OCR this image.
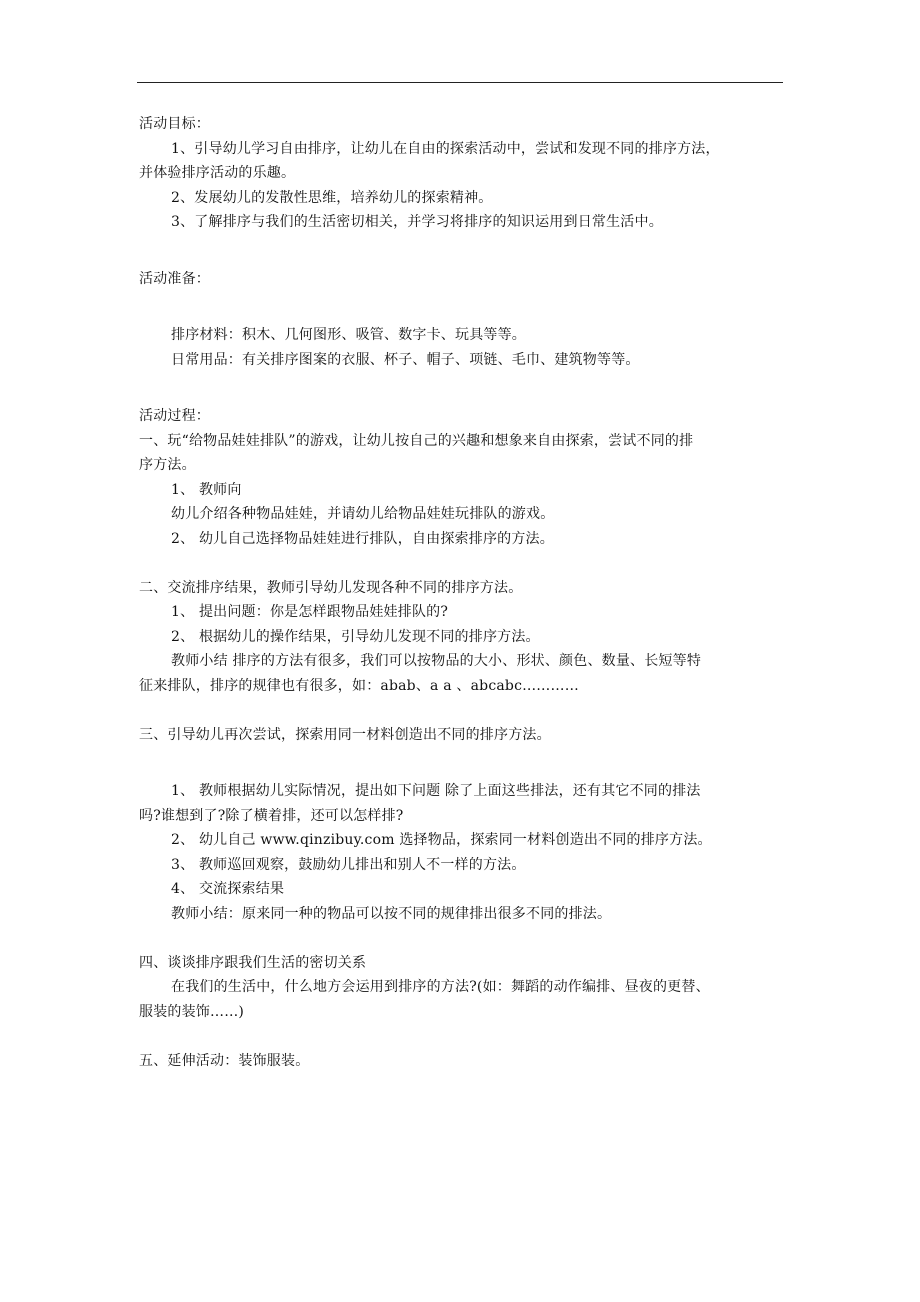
活动目标：
1、引导幼儿学习自由排序，让幼儿在自由的探索活动中，尝试和发现不同的排序方法，
并体验排序活动的乐趣。
2、发展幼儿的发散性思维，培养幼儿的探索精神。
3、了解排序与我们的生活密切相关，并学习将排序的知识运用到日常生活中。
活动准备：
排序材料：积木、几何图形、吸管、数字卡、玩具等等。
日常用品：有关排序图案的衣服、杯子、帽子、项链、毛巾、建筑物等等。
活动过程：
一、玩“给物品娃娃排队”的游戏，让幼儿按自己的兴趣和想象来自由探索，尝试不同的排
序方法。
1、 教师向
幼儿介绍各种物品娃娃，并请幼儿给物品娃娃玩排队的游戏。
2、 幼儿自己选择物品娃娃进行排队，自由探索排序的方法。
二、交流排序结果，教师引导幼儿发现各种不同的排序方法。
1、 提出问题：你是怎样跟物品娃娃排队的?
2、 根据幼儿的操作结果，引导幼儿发现不同的排序方法。
教师小结 排序的方法有很多，我们可以按物品的大小、形状、颜色、数量、长短等特
征来排队，排序的规律也有很多，如：abab、a a 、abcabc…………
三、引导幼儿再次尝试，探索用同一材料创造出不同的排序方法。
1、 教师根据幼儿实际情况，提出如下问题 除了上面这些排法，还有其它不同的排法
吗?谁想到了?除了横着排，还可以怎样排?
2、 幼儿自己 www.qinzibuy.com 选择物品，探索同一材料创造出不同的排序方法。
3、 教师巡回观察，鼓励幼儿排出和别人不一样的方法。
4、 交流探索结果
教师小结：原来同一种的物品可以按不同的规律排出很多不同的排法。
四、谈谈排序跟我们生活的密切关系
在我们的生活中，什么地方会运用到排序的方法?(如：舞蹈的动作编排、昼夜的更替、
服装的装饰……)
五、延伸活动：装饰服装。
